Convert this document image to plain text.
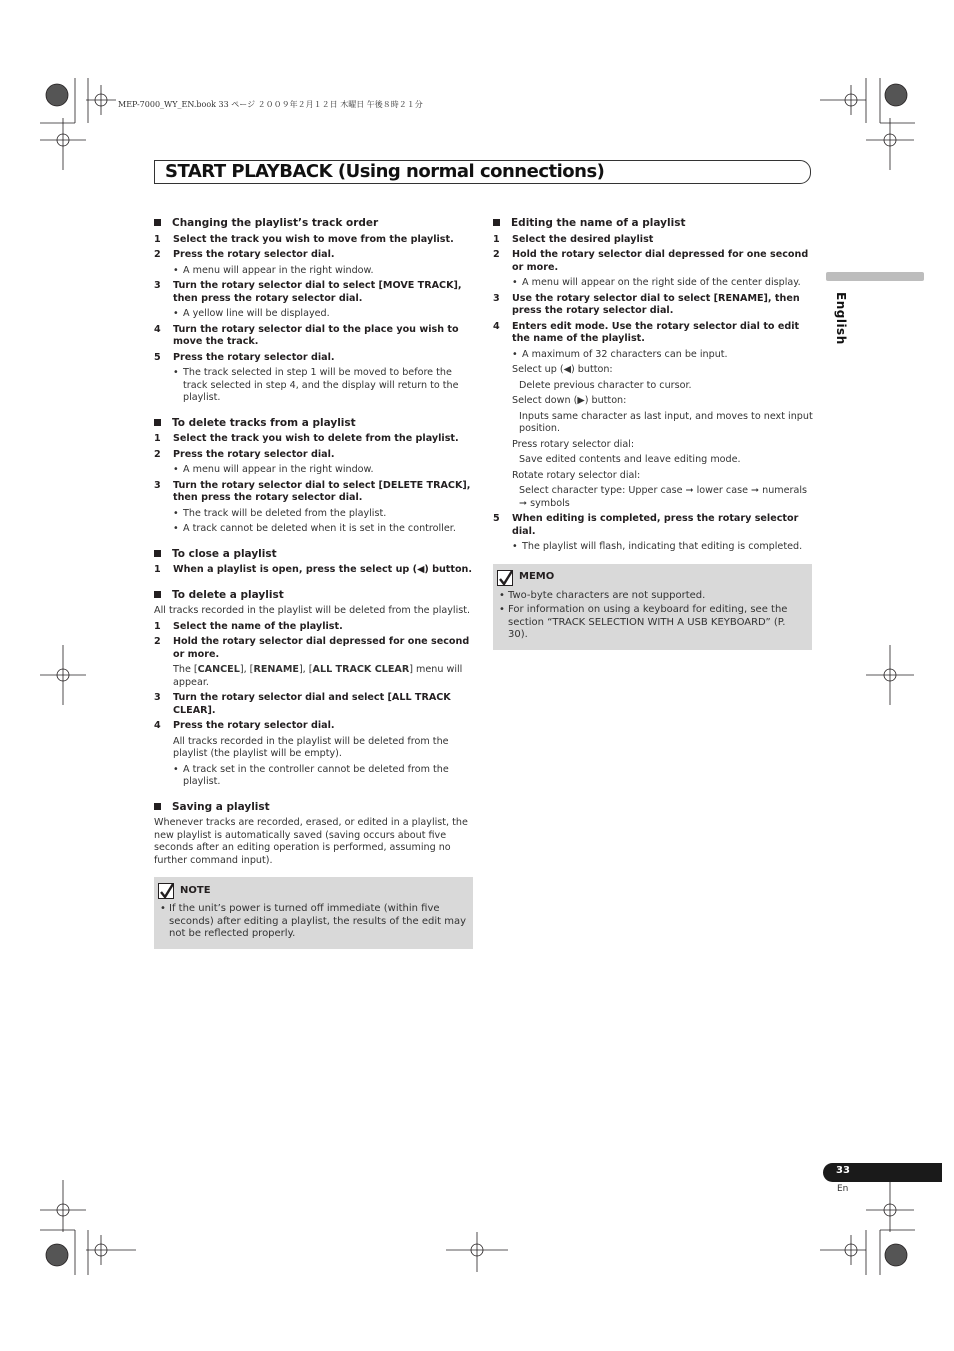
MEP-7000_WY_EN.book 33 ページ ２００９年２月１２日 木曜日 午後８時２１分
START PLAYBACK (Using normal connections)
English
Changing the playlist’s track order
1 Select the track you wish to move from the playlist.
2 Press the rotary selector dial.
• A menu will appear in the right window.
3 Turn the rotary selector dial to select [MOVE TRACK], then press the rotary selector dial.
• A yellow line will be displayed.
4 Turn the rotary selector dial to the place you wish to move the track.
5 Press the rotary selector dial.
• The track selected in step 1 will be moved to before the track selected in step 4, and the display will return to the playlist.
To delete tracks from a playlist
1 Select the track you wish to delete from the playlist.
2 Press the rotary selector dial.
• A menu will appear in the right window.
3 Turn the rotary selector dial to select [DELETE TRACK], then press the rotary selector dial.
• The track will be deleted from the playlist.
• A track cannot be deleted when it is set in the controller.
To close a playlist
1 When a playlist is open, press the select up (◀) button.
To delete a playlist
All tracks recorded in the playlist will be deleted from the playlist.
1 Select the name of the playlist.
2 Hold the rotary selector dial depressed for one second or more.
The [CANCEL], [RENAME], [ALL TRACK CLEAR] menu will appear.
3 Turn the rotary selector dial and select [ALL TRACK CLEAR].
4 Press the rotary selector dial.
All tracks recorded in the playlist will be deleted from the playlist (the playlist will be empty).
• A track set in the controller cannot be deleted from the playlist.
Saving a playlist
Whenever tracks are recorded, erased, or edited in a playlist, the new playlist is automatically saved (saving occurs about five seconds after an editing operation is performed, assuming no further command input).
NOTE
• If the unit’s power is turned off immediate (within five seconds) after editing a playlist, the results of the edit may not be reflected properly.
Editing the name of a playlist
1 Select the desired playlist
2 Hold the rotary selector dial depressed for one second or more.
• A menu will appear on the right side of the center display.
3 Use the rotary selector dial to select [RENAME], then press the rotary selector dial.
4 Enters edit mode. Use the rotary selector dial to edit the name of the playlist.
• A maximum of 32 characters can be input.
Select up (◀) button:
Delete previous character to cursor.
Select down (▶) button:
Inputs same character as last input, and moves to next input position.
Press rotary selector dial:
Save edited contents and leave editing mode.
Rotate rotary selector dial:
Select character type: Upper case ➞ lower case ➞ numerals ➞ symbols
5 When editing is completed, press the rotary selector dial.
• The playlist will flash, indicating that editing is completed.
MEMO
• Two-byte characters are not supported.
• For information on using a keyboard for editing, see the section “TRACK SELECTION WITH A USB KEYBOARD” (P. 30).
33
En
